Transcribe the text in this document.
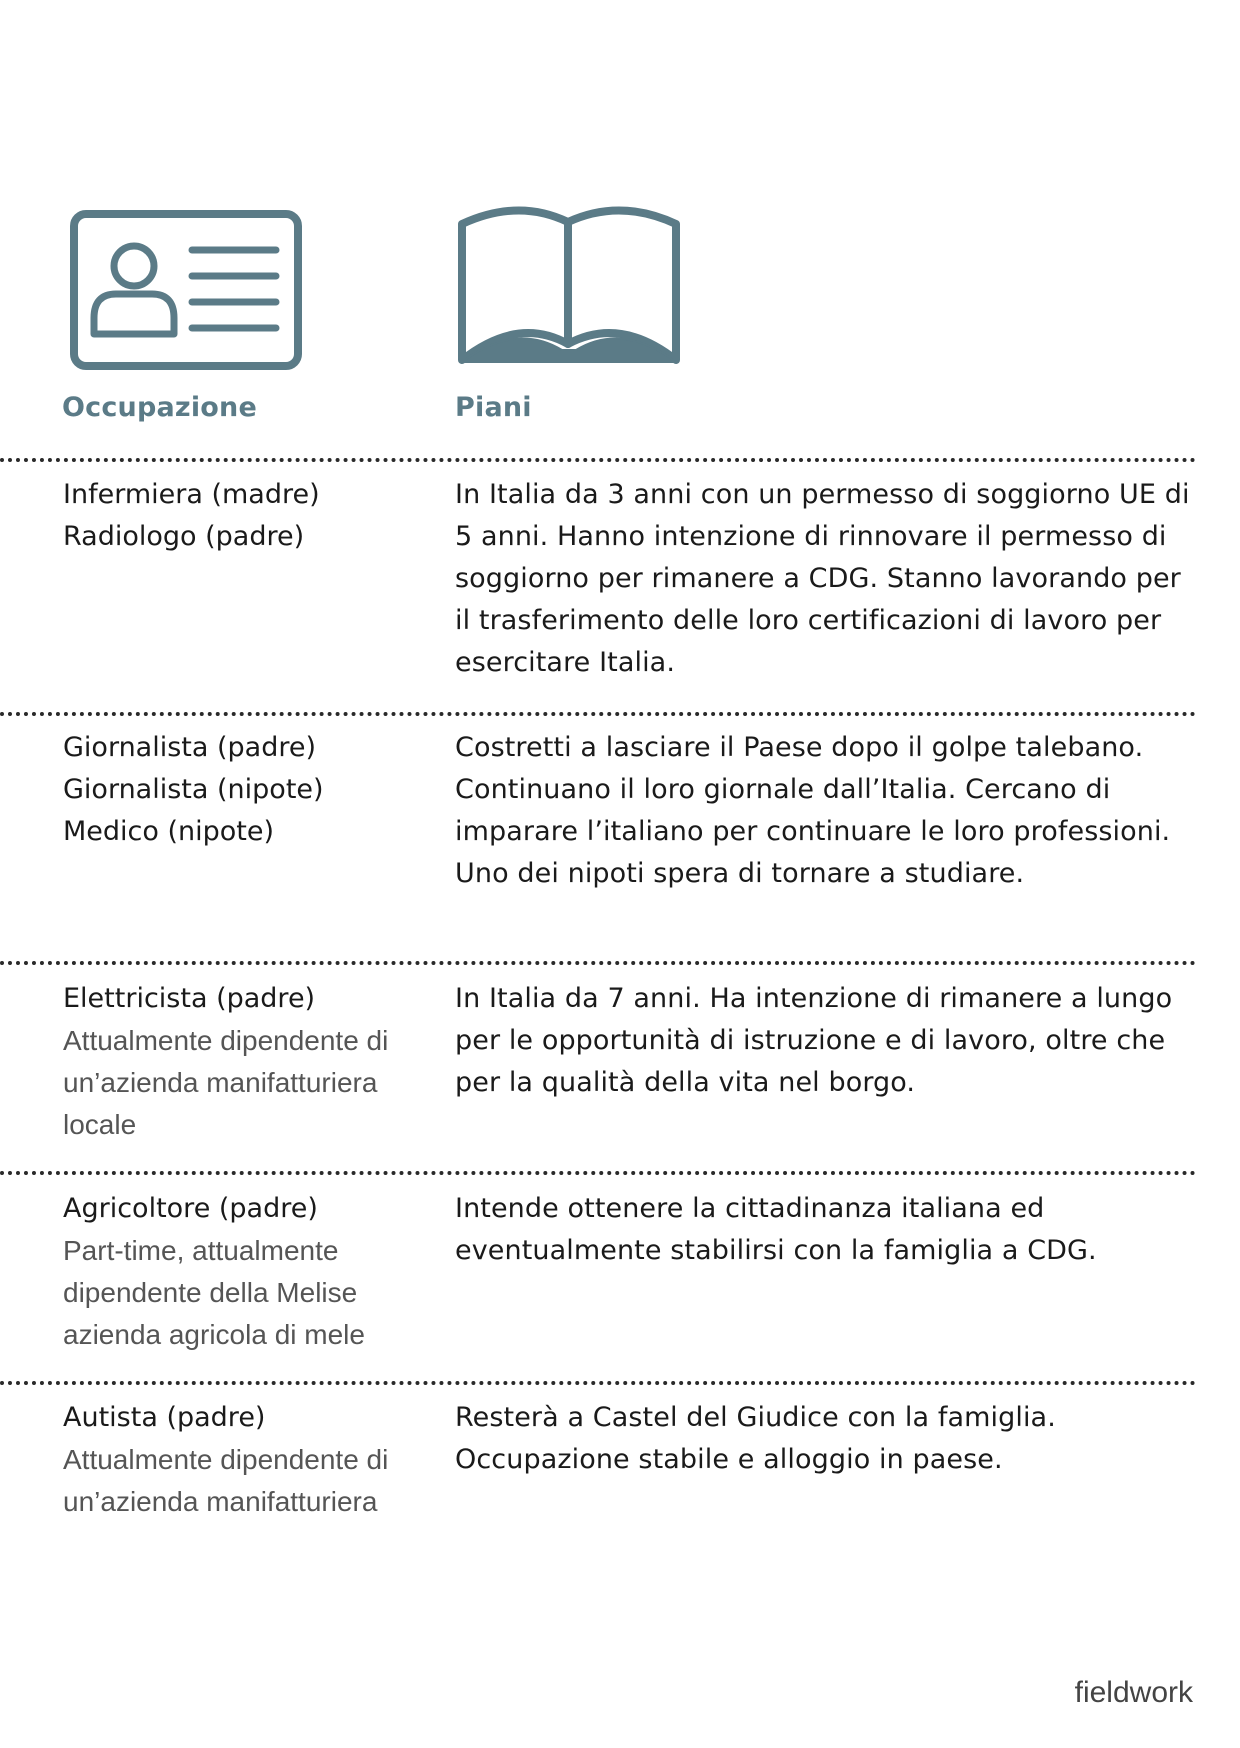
Occupazione	Piani
Infermiera (madre)
Radiologo (padre)
In Italia da 3 anni con un permesso di soggiorno UE di 5 anni. Hanno intenzione di rinnovare il permesso di soggiorno per rimanere a CDG. Stanno lavorando per il trasferimento delle loro certificazioni di lavoro per esercitare Italia.
Giornalista (padre)
Giornalista (nipote)
Medico (nipote)
Costretti a lasciare il Paese dopo il golpe talebano. Continuano il loro giornale dall’Italia. Cercano di imparare l’italiano per continuare le loro professioni. Uno dei nipoti spera di tornare a studiare.
Elettricista (padre)
Attualmente dipendente di un’azienda manifatturiera locale
In Italia da 7 anni. Ha intenzione di rimanere a lungo per le opportunità di istruzione e di lavoro, oltre che per la qualità della vita nel borgo.
Agricoltore (padre)
Part-time, attualmente dipendente della Melise azienda agricola di mele
Intende ottenere la cittadinanza italiana ed eventualmente stabilirsi con la famiglia a CDG.
Autista (padre)
Attualmente dipendente di un’azienda manifatturiera
Resterà a Castel del Giudice con la famiglia. Occupazione stabile e alloggio in paese.
fieldwork
